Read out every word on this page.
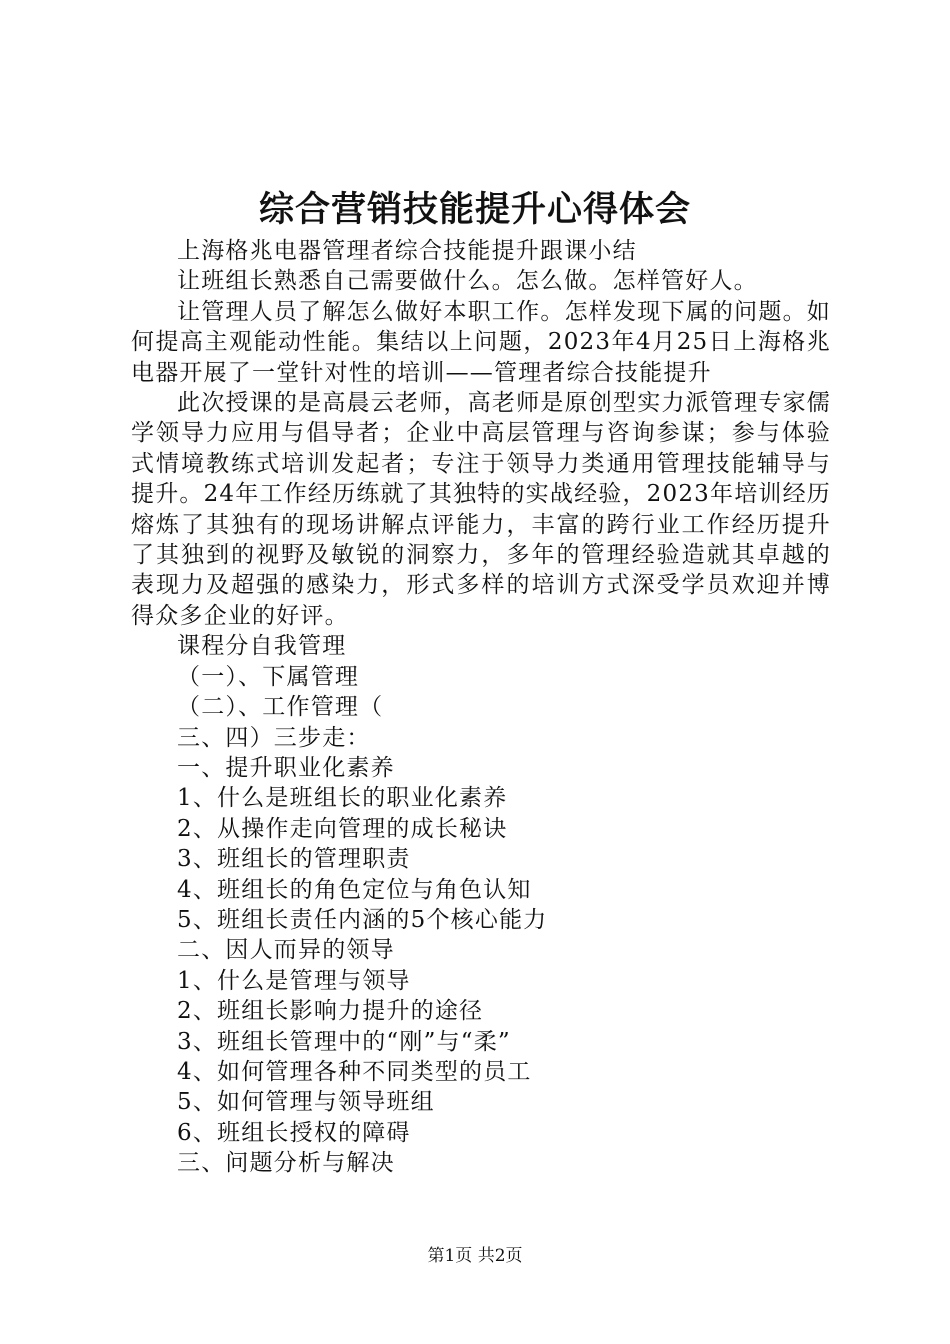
综合营销技能提升心得体会

上海格兆电器管理者综合技能提升跟课小结

让班组长熟悉自己需要做什么。怎么做。怎样管好人。

让管理人员了解怎么做好本职工作。怎样发现下属的问题。如何提高主观能动性能。集结以上问题，2023年4月25日上海格兆电器开展了一堂针对性的培训——管理者综合技能提升

此次授课的是高晨云老师，高老师是原创型实力派管理专家儒学领导力应用与倡导者；企业中高层管理与咨询参谋；参与体验式情境教练式培训发起者；专注于领导力类通用管理技能辅导与提升。24年工作经历练就了其独特的实战经验，2023年培训经历熔炼了其独有的现场讲解点评能力，丰富的跨行业工作经历提升了其独到的视野及敏锐的洞察力，多年的管理经验造就其卓越的表现力及超强的感染力，形式多样的培训方式深受学员欢迎并博得众多企业的好评。

课程分自我管理

（一）、下属管理

（二）、工作管理（

三、四）三步走：

一、提升职业化素养

1、什么是班组长的职业化素养

2、从操作走向管理的成长秘诀

3、班组长的管理职责

4、班组长的角色定位与角色认知

5、班组长责任内涵的5个核心能力

二、因人而异的领导

1、什么是管理与领导

2、班组长影响力提升的途径

3、班组长管理中的“刚”与“柔”

4、如何管理各种不同类型的员工

5、如何管理与领导班组

6、班组长授权的障碍

三、问题分析与解决

第1页 共2页
